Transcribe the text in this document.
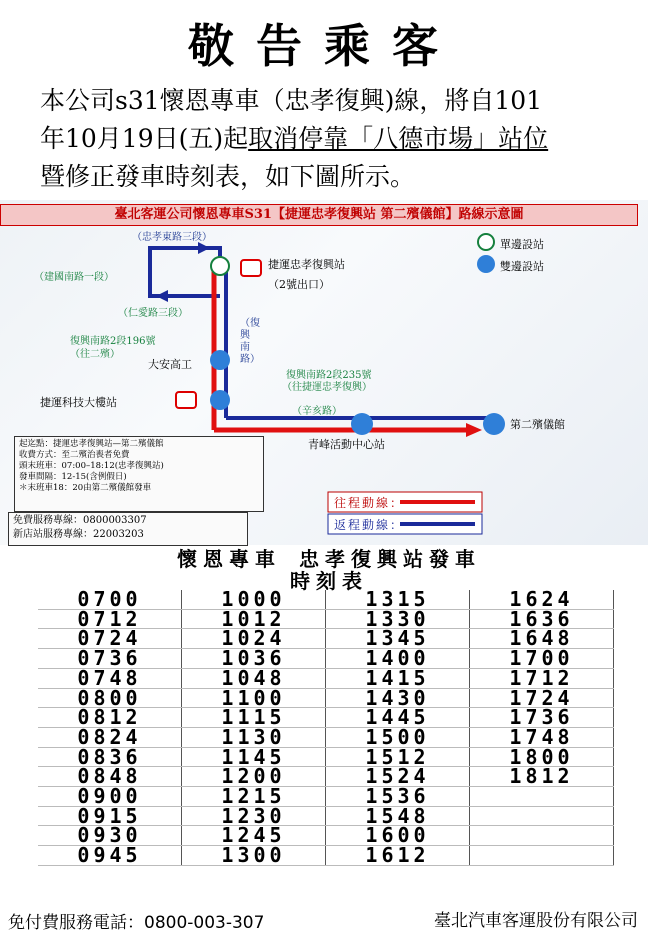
敬告乘客
本公司s31懷恩專車（忠孝復興)線，將自101
年10月19日(五)起取消停靠「八德市場」站位
暨修正發車時刻表，如下圖所示。
臺北客運公司懷恩專車S31【捷運忠孝復興站 第二殯儀館】路線示意圖
（忠孝東路三段）
（建國南路一段）
（仁愛路三段）
捷運忠孝復興站
（2號出口）
復興南路2段196號
（往二殯）
（復興南路）
大安高工
復興南路2段235號
（往捷運忠孝復興）
捷運科技大樓站
（辛亥路）
青峰活動中心站
第二殯儀館
單邊設站
雙邊設站
往程動線：
返程動線：
起迄點：捷運忠孝復興站—第二殯儀館
收費方式：至二殯治喪者免費
頭末班車：07:00–18:12(忠孝復興站)
發車間隔：12-15(含例假日)
＊末班車18：20由第二殯儀館發車
免費服務專線：0800003307
新店站服務專線：22003203
懷恩專車 忠孝復興站發車
時刻表
0700	1000	1315	1624
0712	1012	1330	1636
0724	1024	1345	1648
0736	1036	1400	1700
0748	1048	1415	1712
0800	1100	1430	1724
0812	1115	1445	1736
0824	1130	1500	1748
0836	1145	1512	1800
0848	1200	1524	1812
0900	1215	1536	
0915	1230	1548	
0930	1245	1600	
0945	1300	1612	
免付費服務電話：0800-003-307	臺北汽車客運股份有限公司
